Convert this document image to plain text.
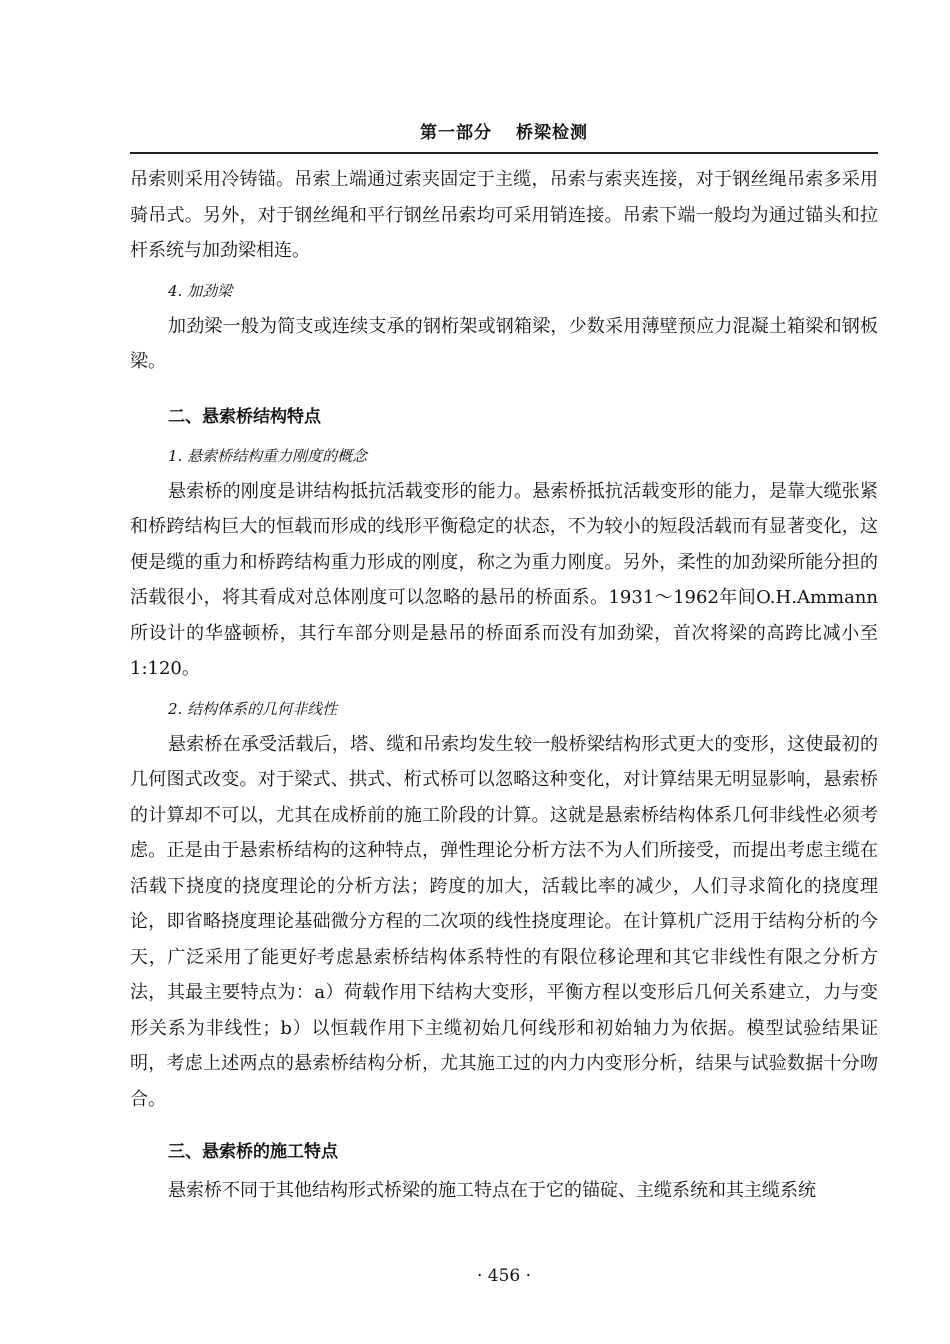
第一部分 桥梁检测

吊索则采用冷铸锚。吊索上端通过索夹固定于主缆，吊索与索夹连接，对于钢丝绳吊索多采用骑吊式。另外，对于钢丝绳和平行钢丝吊索均可采用销连接。吊索下端一般均为通过锚头和拉杆系统与加劲梁相连。

4. 加劲梁

加劲梁一般为简支或连续支承的钢桁架或钢箱梁，少数采用薄壁预应力混凝土箱梁和钢板梁。

二、悬索桥结构特点

1. 悬索桥结构重力刚度的概念

悬索桥的刚度是讲结构抵抗活载变形的能力。悬索桥抵抗活载变形的能力，是靠大缆张紧和桥跨结构巨大的恒载而形成的线形平衡稳定的状态，不为较小的短段活载而有显著变化，这便是缆的重力和桥跨结构重力形成的刚度，称之为重力刚度。另外，柔性的加劲梁所能分担的活载很小，将其看成对总体刚度可以忽略的悬吊的桥面系。1931～1962年间O.H.Ammann所设计的华盛顿桥，其行车部分则是悬吊的桥面系而没有加劲梁，首次将梁的高跨比减小至1:120。

2. 结构体系的几何非线性

悬索桥在承受活载后，塔、缆和吊索均发生较一般桥梁结构形式更大的变形，这使最初的几何图式改变。对于梁式、拱式、桁式桥可以忽略这种变化，对计算结果无明显影响，悬索桥的计算却不可以，尤其在成桥前的施工阶段的计算。这就是悬索桥结构体系几何非线性必须考虑。正是由于悬索桥结构的这种特点，弹性理论分析方法不为人们所接受，而提出考虑主缆在活载下挠度的挠度理论的分析方法；跨度的加大，活载比率的减少，人们寻求简化的挠度理论，即省略挠度理论基础微分方程的二次项的线性挠度理论。在计算机广泛用于结构分析的今天，广泛采用了能更好考虑悬索桥结构体系特性的有限位移论理和其它非线性有限之分析方法，其最主要特点为：a）荷载作用下结构大变形，平衡方程以变形后几何关系建立，力与变形关系为非线性；b）以恒载作用下主缆初始几何线形和初始轴力为依据。模型试验结果证明，考虑上述两点的悬索桥结构分析，尤其施工过的内力内变形分析，结果与试验数据十分吻合。

三、悬索桥的施工特点

悬索桥不同于其他结构形式桥梁的施工特点在于它的锚碇、主缆系统和其主缆系统

· 456 ·
